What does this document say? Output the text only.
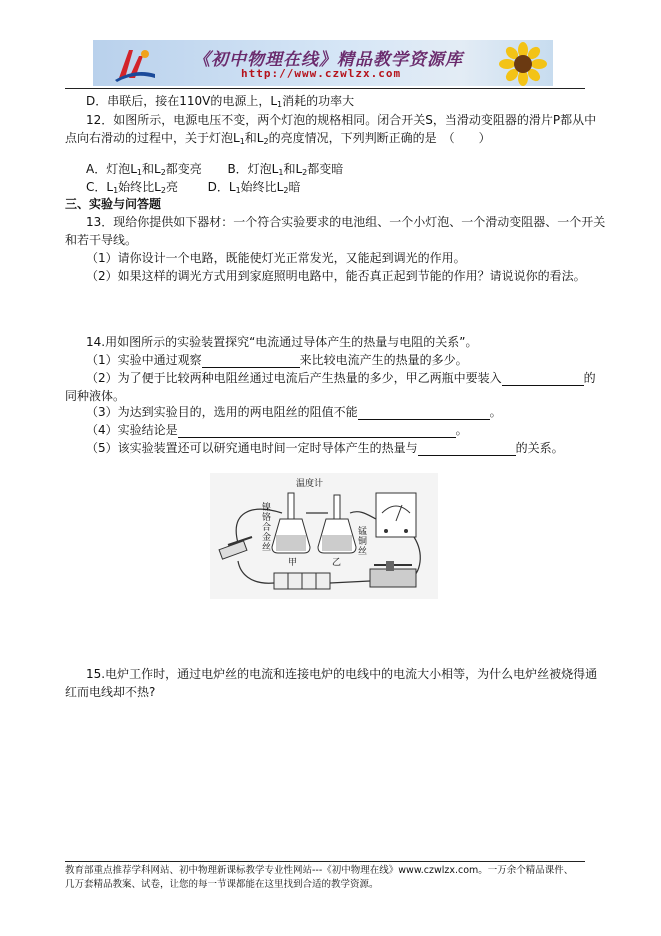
《初中物理在线》精品教学资源库
http://www.czwlzx.com
D．串联后，接在110V的电源上，$L_1$消耗的功率大
12．如图所示，电源电压不变，两个灯泡的规格相同。闭合开关S，当滑动变阻器的滑片P都从中
点向右滑动的过程中，关于灯泡$L_1$和$L_2$的亮度情况，下列判断正确的是　（　　）
A．灯泡$L_1$和$L_2$都变亮 B．灯泡$L_1$和$L_2$都变暗
C．$L_1$始终比$L_2$亮 D．$L_1$始终比$L_2$暗
三、实验与问答题
13．现给你提供如下器材：一个符合实验要求的电池组、一个小灯泡、一个滑动变阻器、一个开关
和若干导线。
（1）请你设计一个电路，既能使灯光正常发光，又能起到调光的作用。
（2）如果这样的调光方式用到家庭照明电路中，能否真正起到节能的作用？请说说你的看法。
14.用如图所示的实验装置探究“电流通过导体产生的热量与电阻的关系”。
（1）实验中通过观察	来比较电流产生的热量的多少。
（2）为了便于比较两种电阻丝通过电流后产生热量的多少，甲乙两瓶中要装入	的
同种液体。
（3）为达到实验目的，选用的两电阻丝的阻值不能	。
（4）实验结论是	。
（5）该实验装置还可以研究通电时间一定时导体产生的热量与	的关系。
温度计
镍铬合金丝
锰铜丝
甲	乙
15.电炉工作时，通过电炉丝的电流和连接电炉的电线中的电流大小相等，为什么电炉丝被烧得通
红而电线却不热?
教育部重点推荐学科网站、初中物理新课标教学专业性网站---《初中物理在线》www.czwlzx.com。一万余个精品课件、
几万套精品教案、试卷，让您的每一节课都能在这里找到合适的教学资源。
